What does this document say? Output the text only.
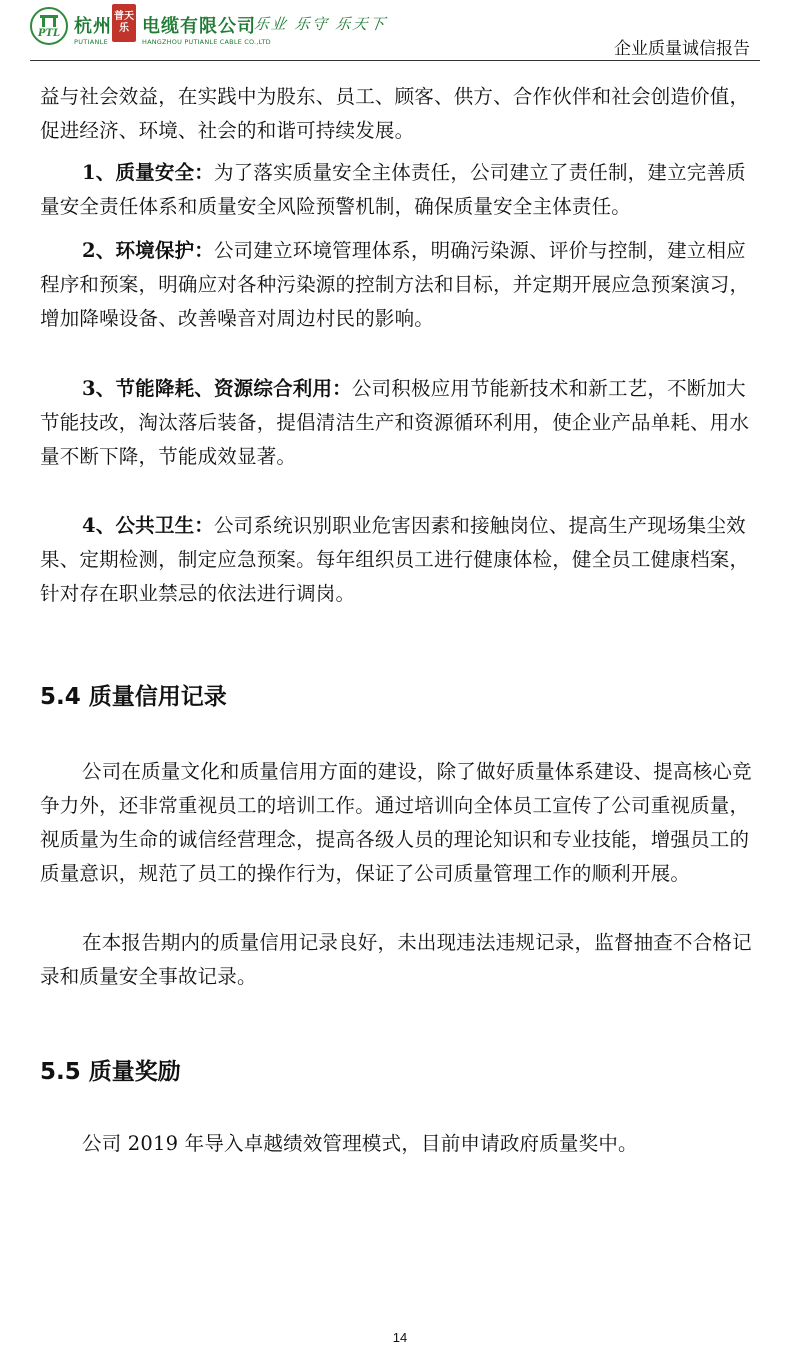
PTL 杭州 普天乐 电缆有限公司
PUTIANLE	HANGZHOU PUTIANLE CABLE CO.,LTD
乐业 乐守 乐天下
企业质量诚信报告

益与社会效益，在实践中为股东、员工、顾客、供方、合作伙伴和社会创造价值，促进经济、环境、社会的和谐可持续发展。

1、质量安全：为了落实质量安全主体责任，公司建立了责任制，建立完善质量安全责任体系和质量安全风险预警机制，确保质量安全主体责任。

2、环境保护：公司建立环境管理体系，明确污染源、评价与控制，建立相应程序和预案，明确应对各种污染源的控制方法和目标，并定期开展应急预案演习，增加降噪设备、改善噪音对周边村民的影响。

3、节能降耗、资源综合利用：公司积极应用节能新技术和新工艺，不断加大节能技改，淘汰落后装备，提倡清洁生产和资源循环利用，使企业产品单耗、用水量不断下降，节能成效显著。

4、公共卫生：公司系统识别职业危害因素和接触岗位、提高生产现场集尘效果、定期检测，制定应急预案。每年组织员工进行健康体检，健全员工健康档案，针对存在职业禁忌的依法进行调岗。

5.4 质量信用记录

公司在质量文化和质量信用方面的建设，除了做好质量体系建设、提高核心竞争力外，还非常重视员工的培训工作。通过培训向全体员工宣传了公司重视质量，视质量为生命的诚信经营理念，提高各级人员的理论知识和专业技能，增强员工的质量意识，规范了员工的操作行为，保证了公司质量管理工作的顺利开展。

在本报告期内的质量信用记录良好，未出现违法违规记录，监督抽查不合格记录和质量安全事故记录。

5.5 质量奖励

公司 2019 年导入卓越绩效管理模式，目前申请政府质量奖中。

14
